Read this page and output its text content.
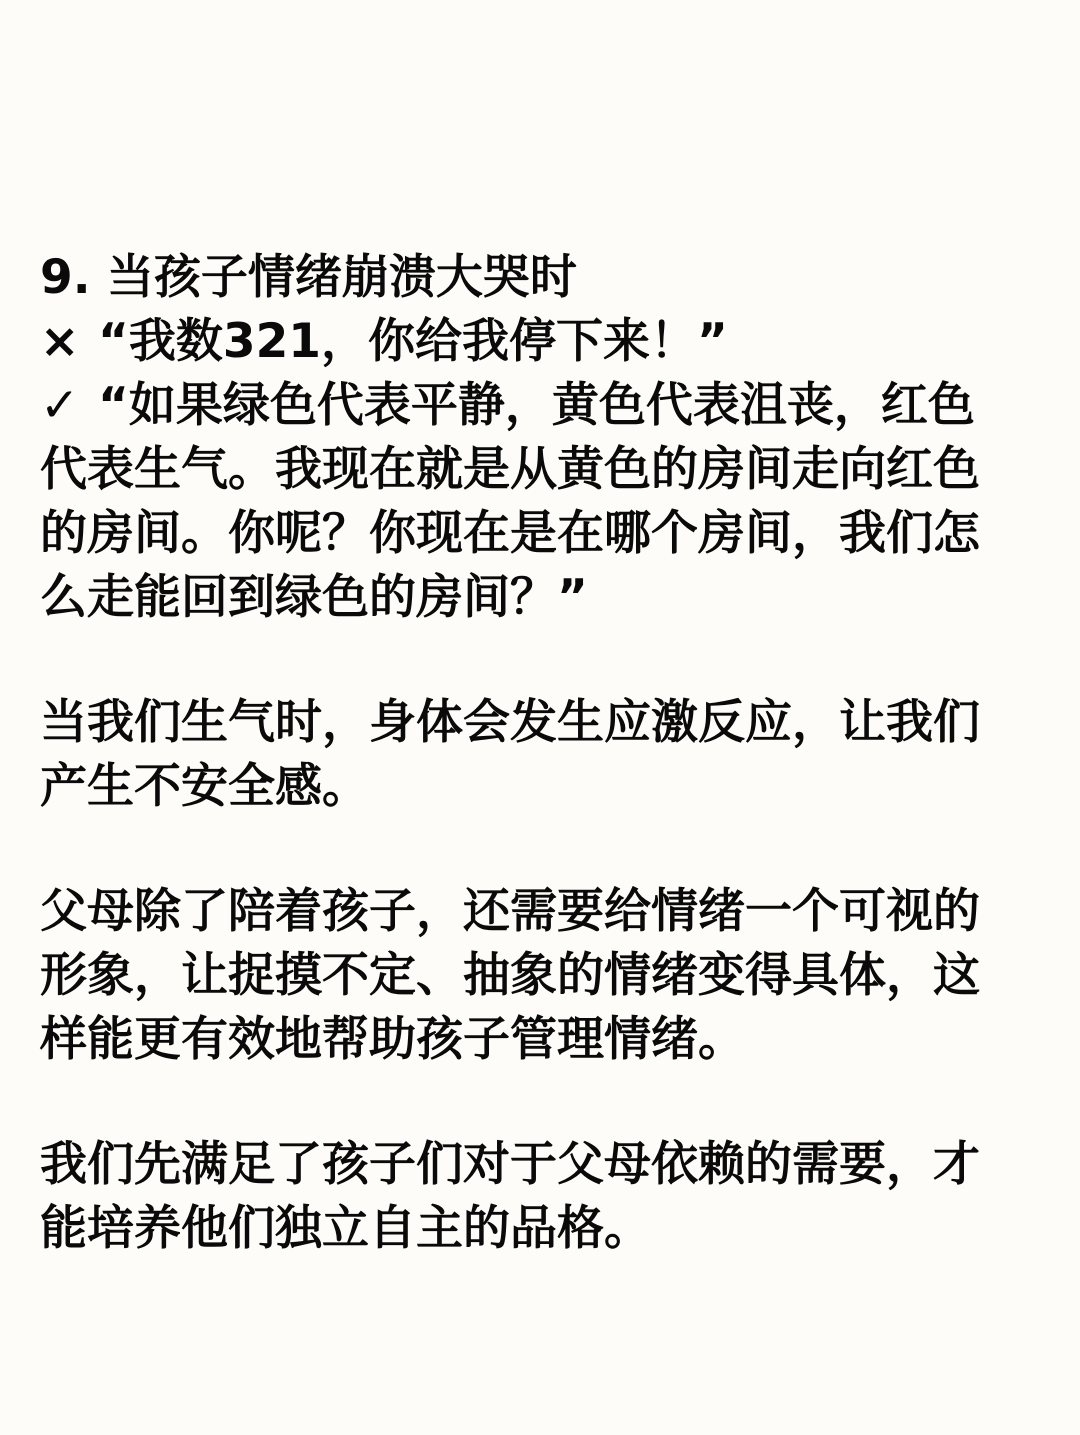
9. 当孩子情绪崩溃大哭时
× “我数321，你给我停下来！”
✓ “如果绿色代表平静，黄色代表沮丧，红色
代表生气。我现在就是从黄色的房间走向红色
的房间。你呢？你现在是在哪个房间，我们怎
么走能回到绿色的房间？”
当我们生气时，身体会发生应激反应，让我们
产生不安全感。
父母除了陪着孩子，还需要给情绪一个可视的
形象，让捉摸不定、抽象的情绪变得具体，这
样能更有效地帮助孩子管理情绪。
我们先满足了孩子们对于父母依赖的需要，才
能培养他们独立自主的品格。
